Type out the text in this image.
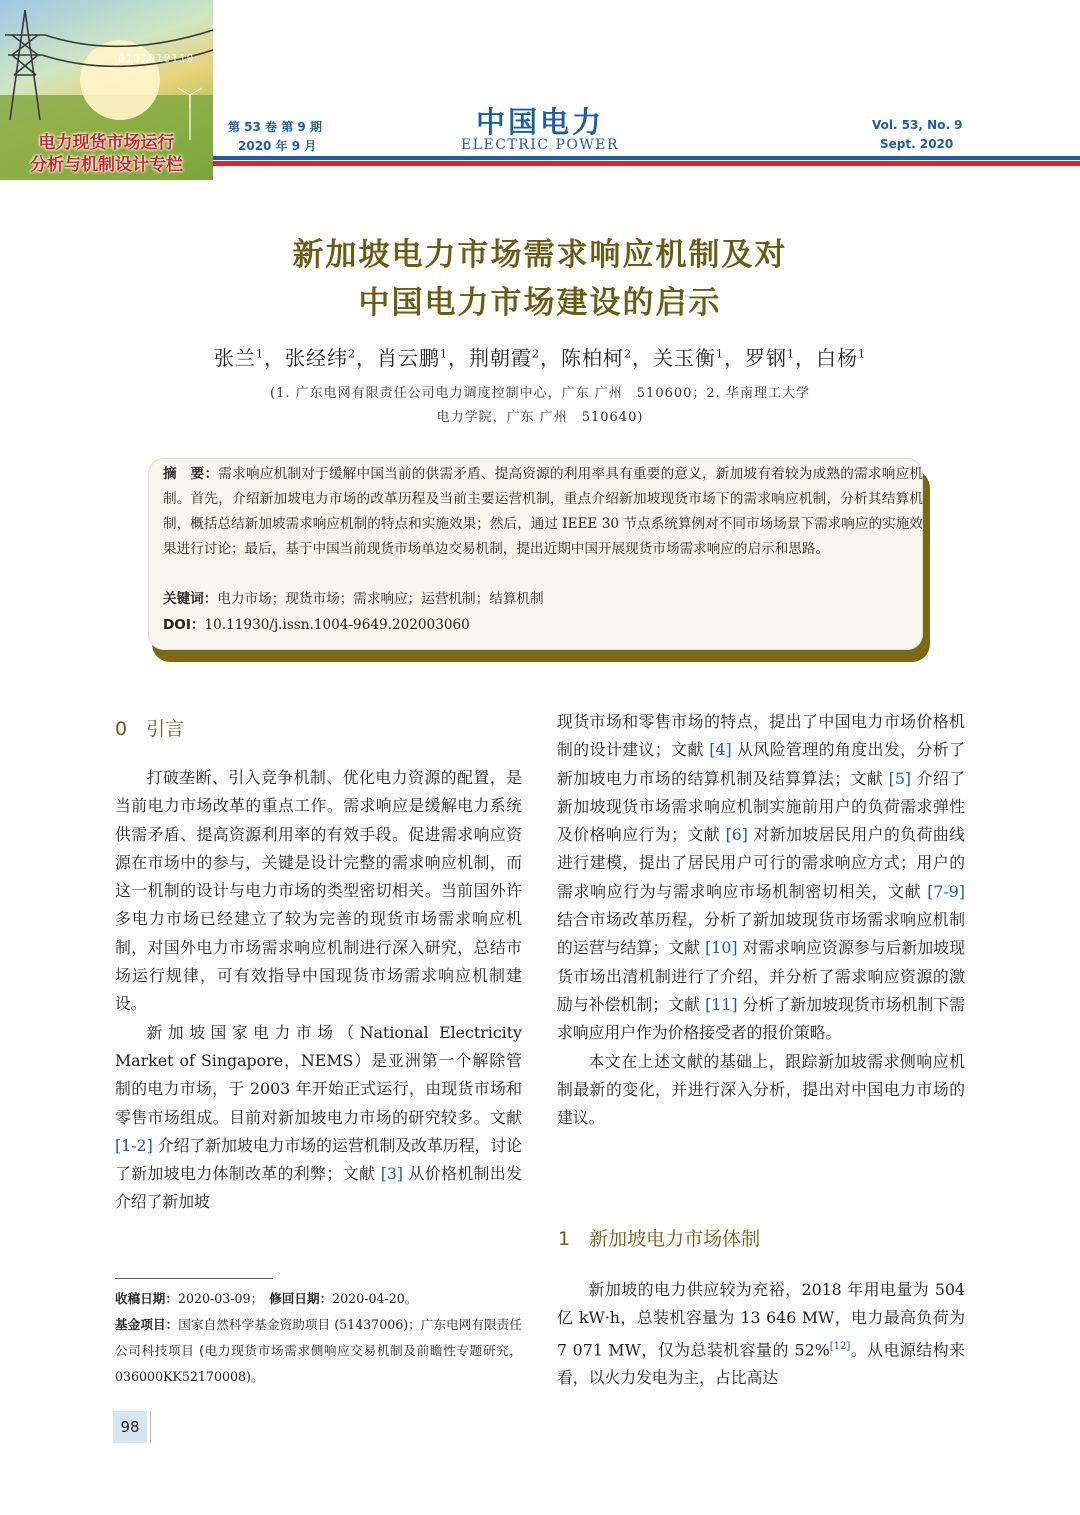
0101010110
电力现货市场运行
分析与机制设计专栏
第 53 卷 第 9 期
2020 年 9 月
中国电力
ELECTRIC POWER
Vol. 53, No. 9
Sept. 2020
新加坡电力市场需求响应机制及对
中国电力市场建设的启示
张兰$^1$，张经纬$^2$，肖云鹏$^1$，荆朝霞$^2$，陈柏柯$^2$，关玉衡$^1$，罗钢$^1$，白杨$^1$
(1. 广东电网有限责任公司电力调度控制中心，广东 广州　510600；2. 华南理工大学
电力学院，广东 广州　510640)
摘　要：需求响应机制对于缓解中国当前的供需矛盾、提高资源的利用率具有重要的意义，新加坡有着较为成熟的需求响应机制。首先，介绍新加坡电力市场的改革历程及当前主要运营机制，重点介绍新加坡现货市场下的需求响应机制，分析其结算机制，概括总结新加坡需求响应机制的特点和实施效果；然后，通过 IEEE 30 节点系统算例对不同市场场景下需求响应的实施效果进行讨论；最后，基于中国当前现货市场单边交易机制，提出近期中国开展现货市场需求响应的启示和思路。
关键词：电力市场；现货市场；需求响应；运营机制；结算机制
DOI：10.11930/j.issn.1004-9649.202003060
0　引言

打破垄断、引入竞争机制、优化电力资源的配置，是当前电力市场改革的重点工作。需求响应是缓解电力系统供需矛盾、提高资源利用率的有效手段。促进需求响应资源在市场中的参与，关键是设计完整的需求响应机制，而这一机制的设计与电力市场的类型密切相关。当前国外许多电力市场已经建立了较为完善的现货市场需求响应机制，对国外电力市场需求响应机制进行深入研究，总结市场运行规律，可有效指导中国现货市场需求响应机制建设。

新加坡国家电力市场（National Electricity Market of Singapore，NEMS）是亚洲第一个解除管制的电力市场，于 2003 年开始正式运行，由现货市场和零售市场组成。目前对新加坡电力市场的研究较多。文献 [1-2] 介绍了新加坡电力市场的运营机制及改革历程，讨论了新加坡电力体制改革的利弊；文献 [3] 从价格机制出发介绍了新加坡

收稿日期：2020-03-09； 修回日期：2020-04-20。
基金项目：国家自然科学基金资助项目 (51437006)；广东电网有限责任公司科技项目 (电力现货市场需求侧响应交易机制及前瞻性专题研究，036000KK52170008)。

现货市场和零售市场的特点，提出了中国电力市场价格机制的设计建议；文献 [4] 从风险管理的角度出发，分析了新加坡电力市场的结算机制及结算算法；文献 [5] 介绍了新加坡现货市场需求响应机制实施前用户的负荷需求弹性及价格响应行为；文献 [6] 对新加坡居民用户的负荷曲线进行建模，提出了居民用户可行的需求响应方式；用户的需求响应行为与需求响应市场机制密切相关，文献 [7-9] 结合市场改革历程，分析了新加坡现货市场需求响应机制的运营与结算；文献 [10] 对需求响应资源参与后新加坡现货市场出清机制进行了介绍，并分析了需求响应资源的激励与补偿机制；文献 [11] 分析了新加坡现货市场机制下需求响应用户作为价格接受者的报价策略。

本文在上述文献的基础上，跟踪新加坡需求侧响应机制最新的变化，并进行深入分析，提出对中国电力市场的建议。

1　新加坡电力市场体制

新加坡的电力供应较为充裕，2018 年用电量为 504 亿 kW·h，总装机容量为 13 646 MW，电力最高负荷为 7 071 MW，仅为总装机容量的 52%[12]。从电源结构来看，以火力发电为主，占比高达

98
